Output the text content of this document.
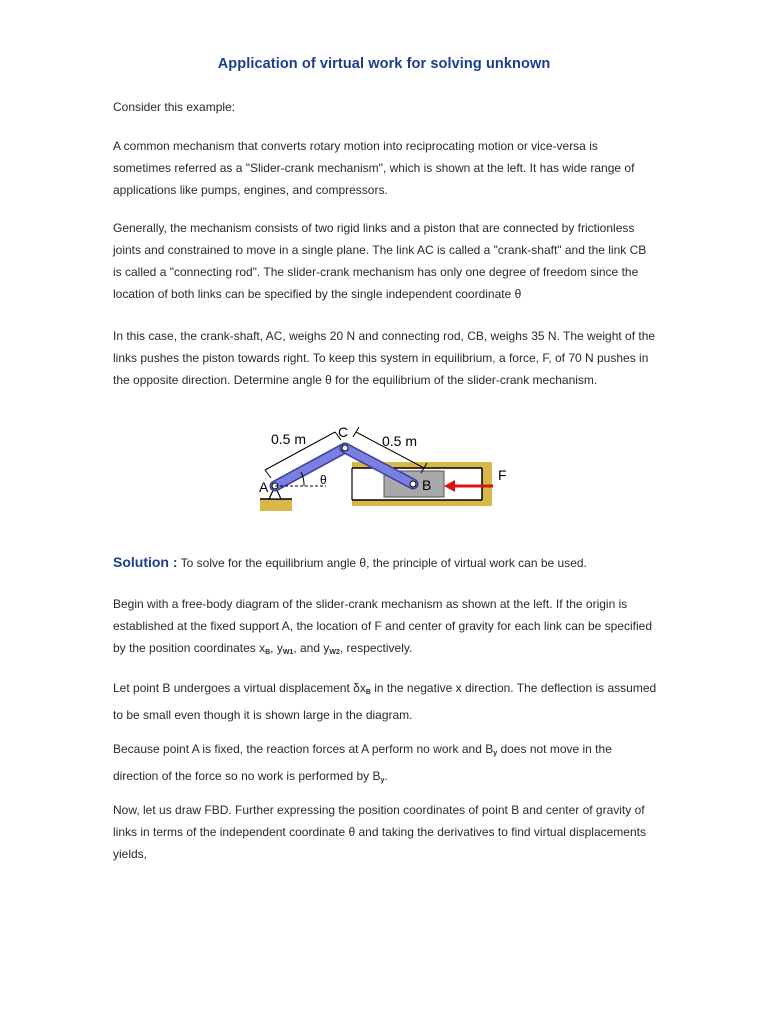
Application of virtual work for solving unknown

Consider this example:

A common mechanism that converts rotary motion into reciprocating motion or vice-versa is sometimes referred as a "Slider-crank mechanism", which is shown at the left. It has wide range of applications like pumps, engines, and compressors.

Generally, the mechanism consists of two rigid links and a piston that are connected by frictionless joints and constrained to move in a single plane. The link AC is called a "crank-shaft" and the link CB is called a "connecting rod". The slider-crank mechanism has only one degree of freedom since the location of both links can be specified by the single independent coordinate θ

In this case, the crank-shaft, AC, weighs 20 N and connecting rod, CB, weighs 35 N. The weight of the links pushes the piston towards right. To keep this system in equilibrium, a force, F, of 70 N pushes in the opposite direction. Determine angle θ for the equilibrium of the slider-crank mechanism.

0.5 m	0.5 m
C
A	B
F
θ

Solution : To solve for the equilibrium angle θ, the principle of virtual work can be used.

Begin with a free-body diagram of the slider-crank mechanism as shown at the left. If the origin is established at the fixed support A, the location of F and center of gravity for each link can be specified by the position coordinates $x_B$, $y_{W1}$, and $y_{W2}$, respectively.

Let point B undergoes a virtual displacement $\delta x_B$ in the negative x direction. The deflection is assumed to be small even though it is shown large in the diagram.

Because point A is fixed, the reaction forces at A perform no work and $B_y$ does not move in the direction of the force so no work is performed by $B_y$.

Now, let us draw FBD. Further expressing the position coordinates of point B and center of gravity of links in terms of the independent coordinate θ and taking the derivatives to find virtual displacements yields,
